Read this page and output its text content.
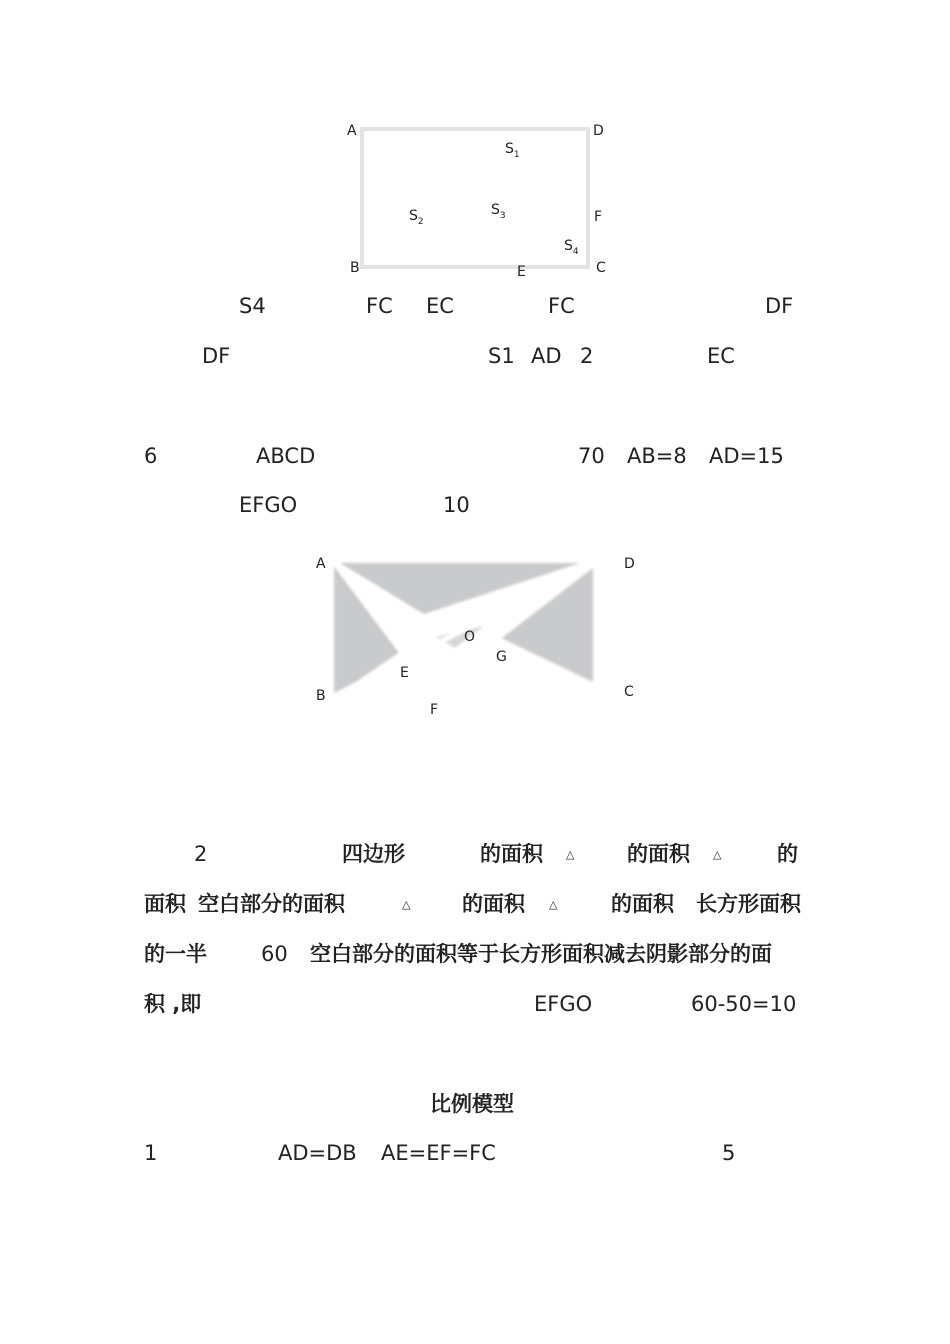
A	D
B	C
E
F
$S_1$
$S_2$
$S_3$
$S_4$
S4	FC EC	FC	DF
DF	S1 AD 2	EC
6	ABCD	70 AB=8 AD=15
EFGO	10
A	D
B	C
E
F
O
G
2	四边形	的面积 △	的面积 △	的
面积 空白部分的面积	△ 的面积 △	的面积 长方形面积
的一半	60 空白部分的面积等于长方形面积减去阴影部分的面
积 ,即	EFGO	60-50=10
比例模型
1	AD=DB AE=EF=FC	5
